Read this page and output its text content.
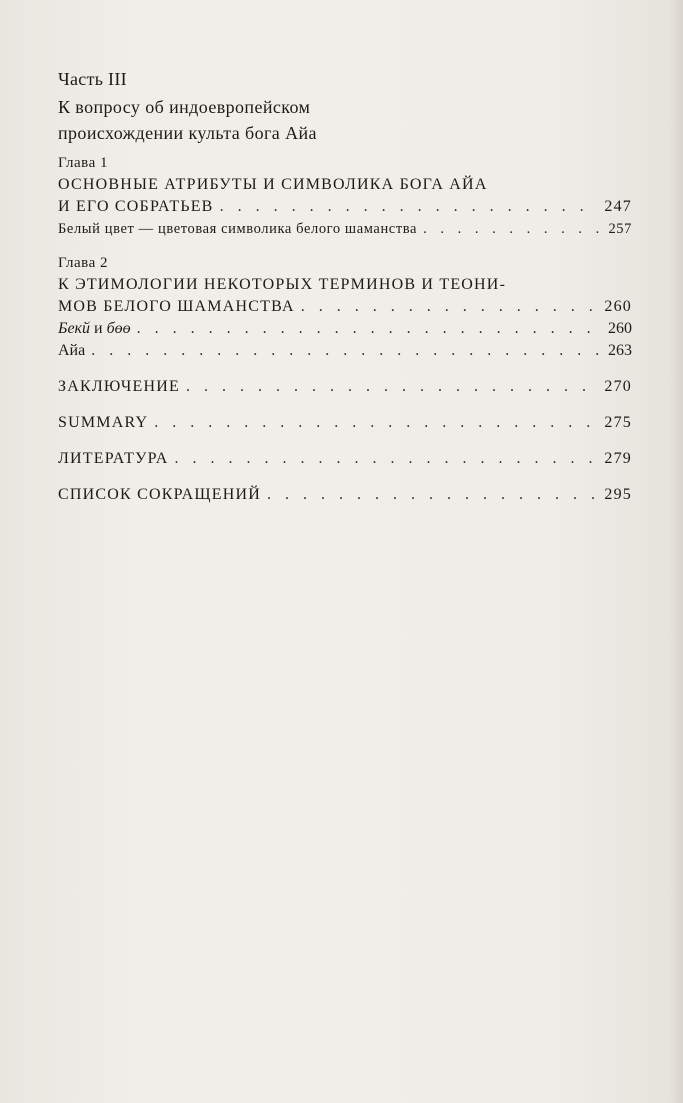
Часть III
К вопросу об индоевропейском
происхождении культа бога Айа
Глава 1
ОСНОВНЫЕ АТРИБУТЫ И СИМВОЛИКА БОГА АЙА
И ЕГО СОБРАТЬЕВ . . .	247
Белый цвет — цветовая символика белого шаманства . . .	257
Глава 2
К ЭТИМОЛОГИИ НЕКОТОРЫХ ТЕРМИНОВ И ТЕОНИ-
МОВ БЕЛОГО ШАМАНСТВА . . .	260
Бекй и бөө . . .	260
Айа . . .	263
ЗАКЛЮЧЕНИЕ . . .	270
SUMMARY . . .	275
ЛИТЕРАТУРА . . .	279
СПИСОК СОКРАЩЕНИЙ . . .	295
